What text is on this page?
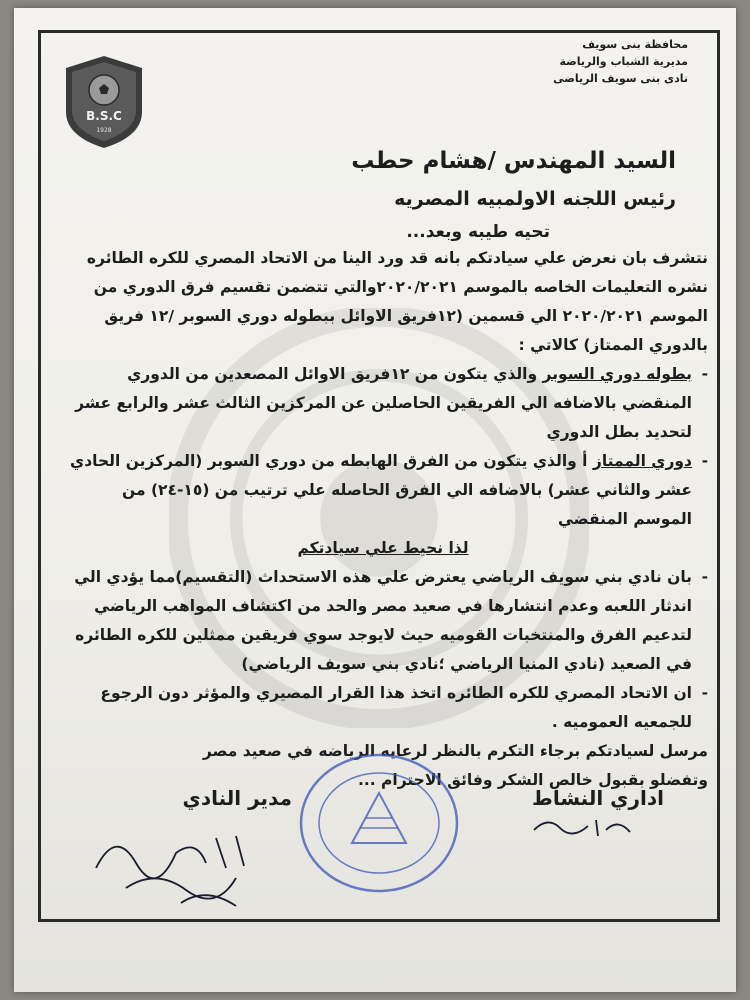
محافظة بنى سويف
مديرية الشباب والرياضة
نادى بنى سويف الرياضى
B.S.C
1928
السيد المهندس /هشام حطب
رئيس اللجنه الاولمبيه المصريه
تحيه طيبه وبعد...

نتشرف بان نعرض علي سيادتكم بانه قد ورد الينا من الاتحاد المصري للكره الطائره نشره التعليمات الخاصه بالموسم ٢٠٢٠/٢٠٢١والتي تتضمن تقسيم فرق الدوري من الموسم ٢٠٢٠/٢٠٢١ الي قسمين (١٢فريق الاوائل ببطوله دوري السوبر /١٢ فريق بالدوري الممتاز) كالاتي :

-
بطوله دوري السوبر والذي يتكون من ١٢فريق الاوائل المصعدين من الدوري المنقضي بالاضافه الي الفريقين الحاصلين عن المركزين الثالث عشر والرابع عشر لتحديد بطل الدوري

-
دوري الممتاز أ والذي يتكون من الفرق الهابطه من دوري السوبر (المركزين الحادي عشر والثاني عشر) بالاضافه الي الفرق الحاصله علي ترتيب من (١٥-٢٤) من الموسم المنقضي

لذا نحيط علي سيادتكم

-
بان نادي بني سويف الرياضي يعترض علي هذه الاستحداث (التقسيم)مما يؤدي الي اندثار اللعبه وعدم انتشارها في صعيد مصر والحد من اكتشاف المواهب الرياضي لتدعيم الفرق والمنتخبات القوميه حيث لايوجد سوي فريقين ممثلين للكره الطائره في الصعيد (نادي المنيا الرياضي ؛نادي بني سويف الرياضي)

-
ان الاتحاد المصري للكره الطائره اتخذ هذا القرار المصيري والمؤثر دون الرجوع للجمعيه العموميه .

مرسل لسيادتكم برجاء التكرم بالنظر لرعايه الرياضه في صعيد مصر

وتفضلو بقبول خالص الشكر وفائق الاحترام ...

اداري النشاط
مدير النادي
